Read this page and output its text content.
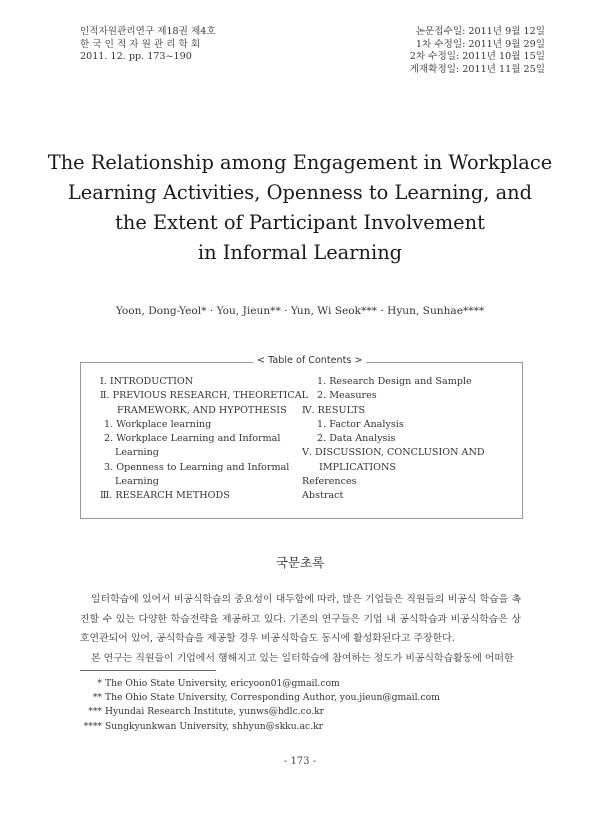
인적자원관리연구 제18권 제4호
한 국 인 적 자 원 관 리 학 회
2011. 12. pp. 173~190
논문접수일: 2011년 9월 12일
1차 수정일: 2011년 9월 29일
2차 수정일: 2011년 10월 15일
게재확정일: 2011년 11월 25일
The Relationship among Engagement in Workplace
Learning Activities, Openness to Learning, and
the Extent of Participant Involvement
in Informal Learning
Yoon, Dong-Yeol* · You, Jieun** · Yun, Wi Seok*** · Hyun, Sunhae****
< Table of Contents >
Ⅰ. INTRODUCTION
Ⅱ. PREVIOUS RESEARCH, THEORETICAL
FRAMEWORK, AND HYPOTHESIS
1. Workplace learning
2. Workplace Learning and Informal
Learning
3. Openness to Learning and Informal
Learning
Ⅲ. RESEARCH METHODS
1. Research Design and Sample
2. Measures
Ⅳ. RESULTS
1. Factor Analysis
2. Data Analysis
Ⅴ. DISCUSSION, CONCLUSION AND
IMPLICATIONS
References
Abstract
국문초록

일터학습에 있어서 비공식학습의 중요성이 대두함에 따라, 많은 기업들은 직원들의 비공식 학습을 촉진할 수 있는 다양한 학습전략을 제공하고 있다. 기존의 연구들은 기업 내 공식학습과 비공식학습은 상호연관되어 있어, 공식학습을 제공할 경우 비공식학습도 동시에 활성화된다고 주장한다.

본 연구는 직원들이 기업에서 행해지고 있는 일터학습에 참여하는 정도가 비공식학습활동에 어떠한

* The Ohio State University, ericyoon01@gmail.com
** The Ohio State University, Corresponding Author, you.jieun@gmail.com
*** Hyundai Research Institute, yunws@hdlc.co.kr
**** Sungkyunkwan University, shhyun@skku.ac.kr
- 173 -
